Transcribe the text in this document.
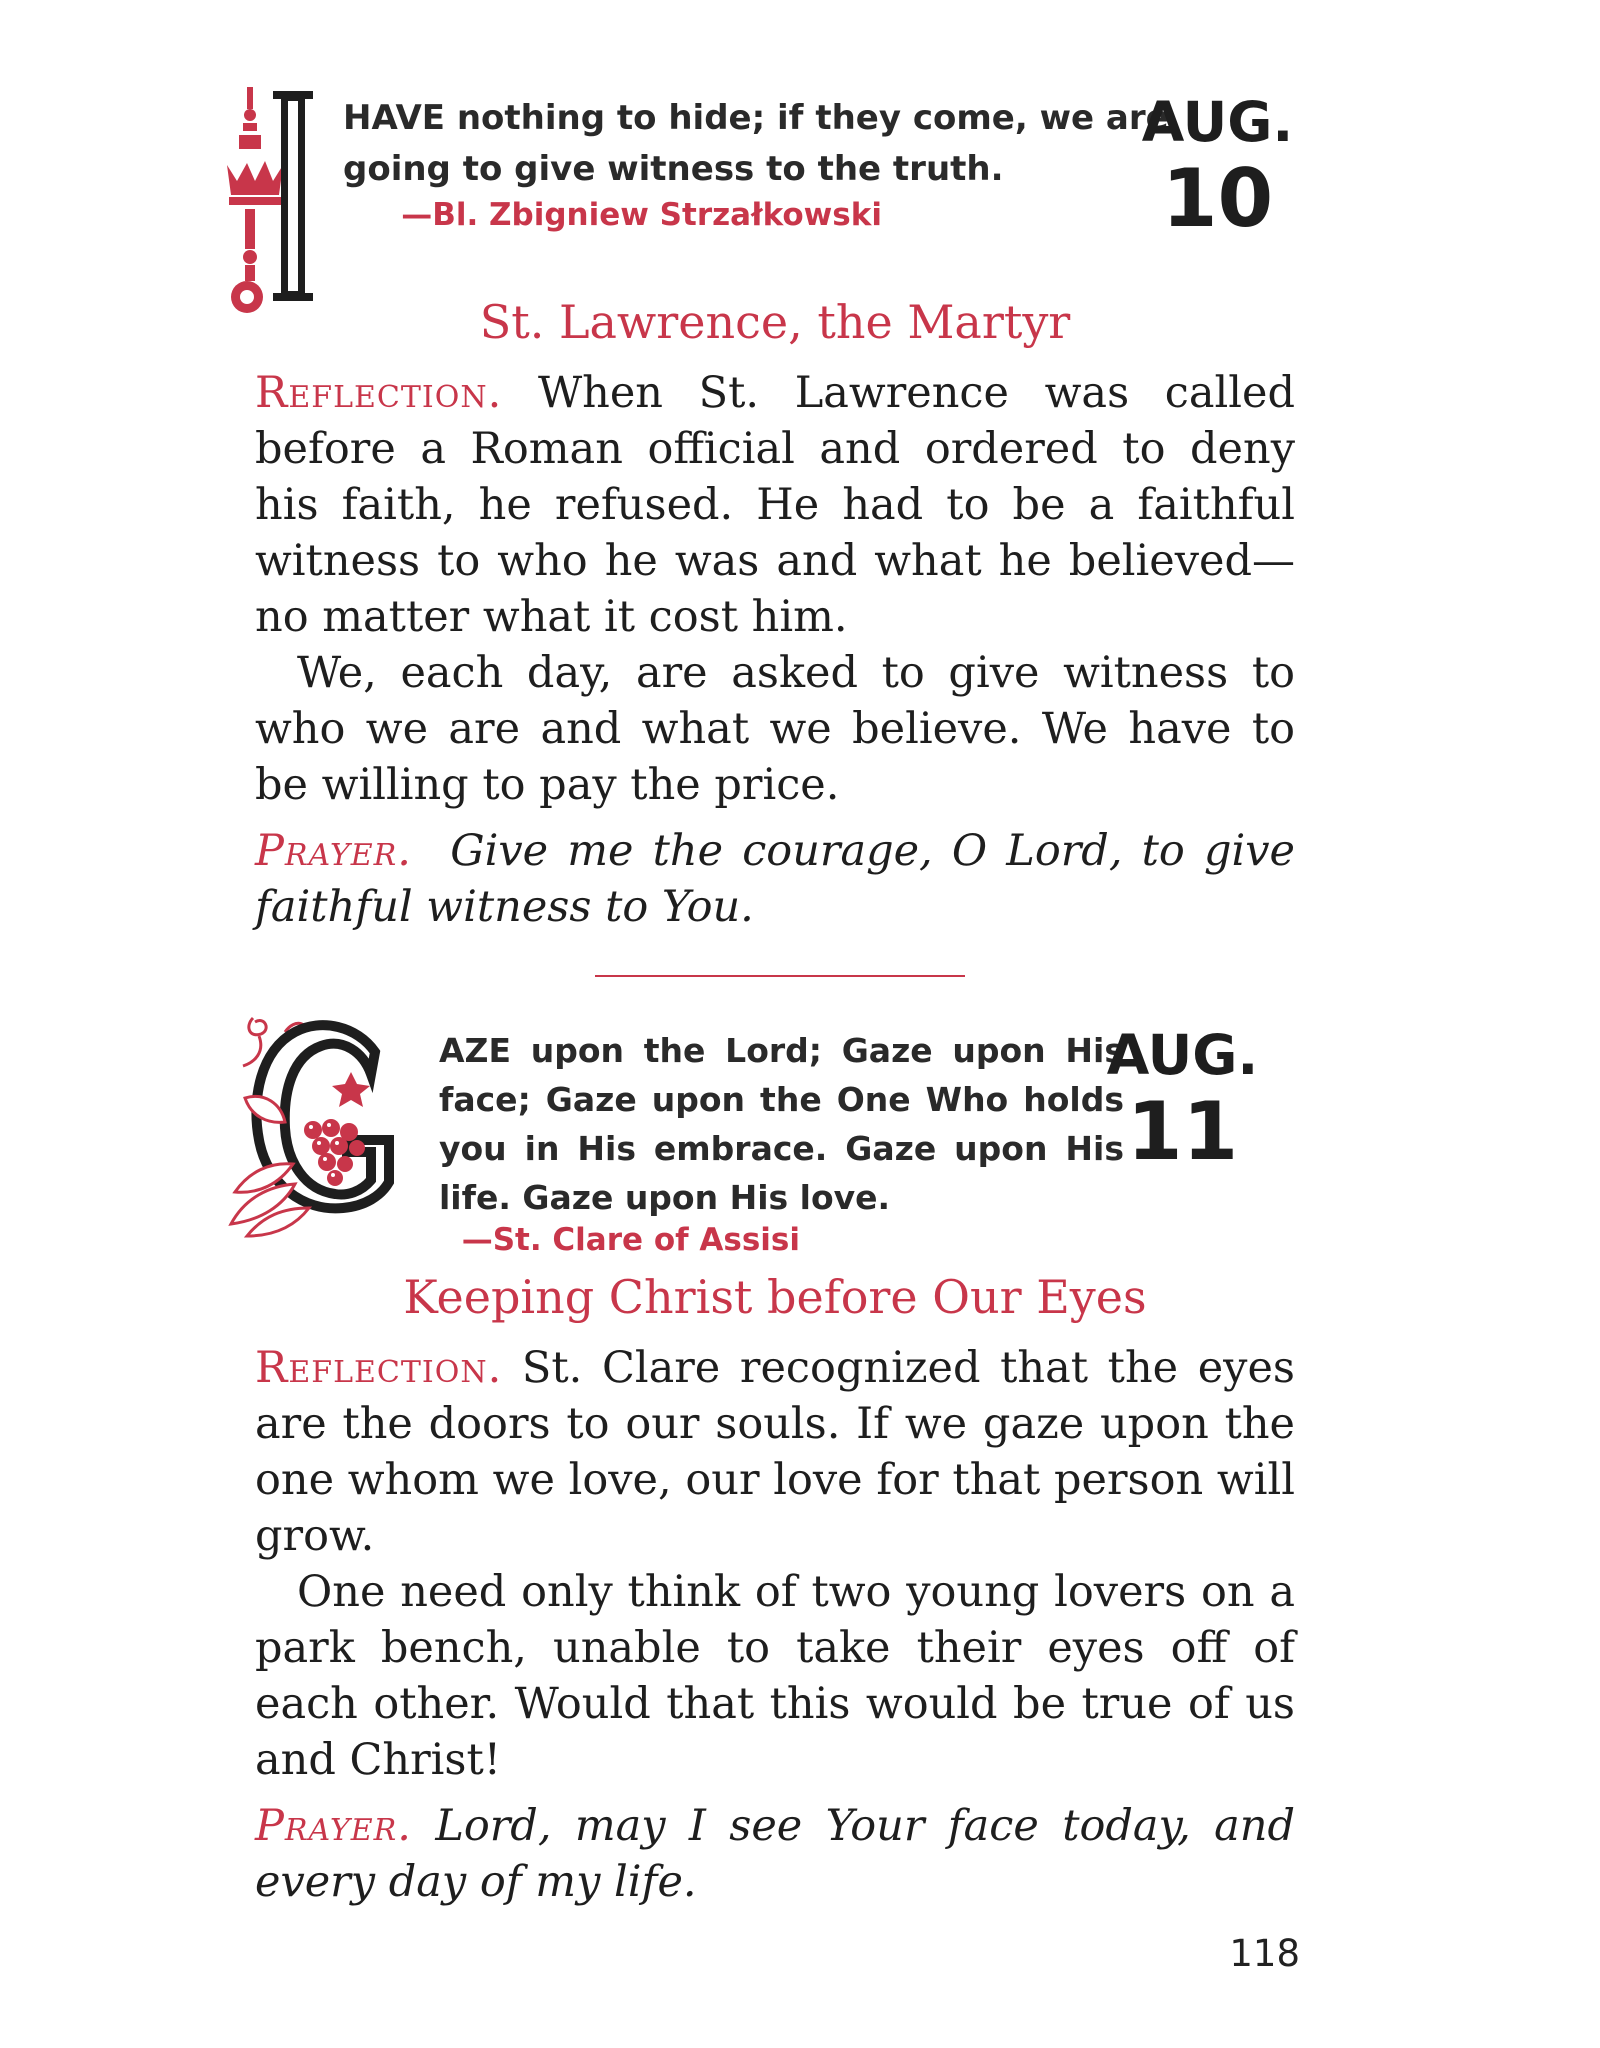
HAVE nothing to hide; if they come, we are
going to give witness to the truth.
—Bl. Zbigniew Strzałkowski
AUG.
10
St. Lawrence, the Martyr

Reflection. When St. Lawrence was called before a Roman official and ordered to deny his faith, he refused. He had to be a faithful witness to who he was and what he believed—no matter what it cost him.

We, each day, are asked to give witness to who we are and what we believe. We have to be willing to pay the price.

Prayer. Give me the courage, O Lord, to give faithful witness to You.

AZE upon the Lord; Gaze upon His
face; Gaze upon the One Who holds
you in His embrace. Gaze upon His
life. Gaze upon His love.
—St. Clare of Assisi
AUG.
11
Keeping Christ before Our Eyes

Reflection. St. Clare recognized that the eyes are the doors to our souls. If we gaze upon the one whom we love, our love for that person will grow.

One need only think of two young lovers on a park bench, unable to take their eyes off of each other. Would that this would be true of us and Christ!

Prayer. Lord, may I see Your face today, and every day of my life.

118
